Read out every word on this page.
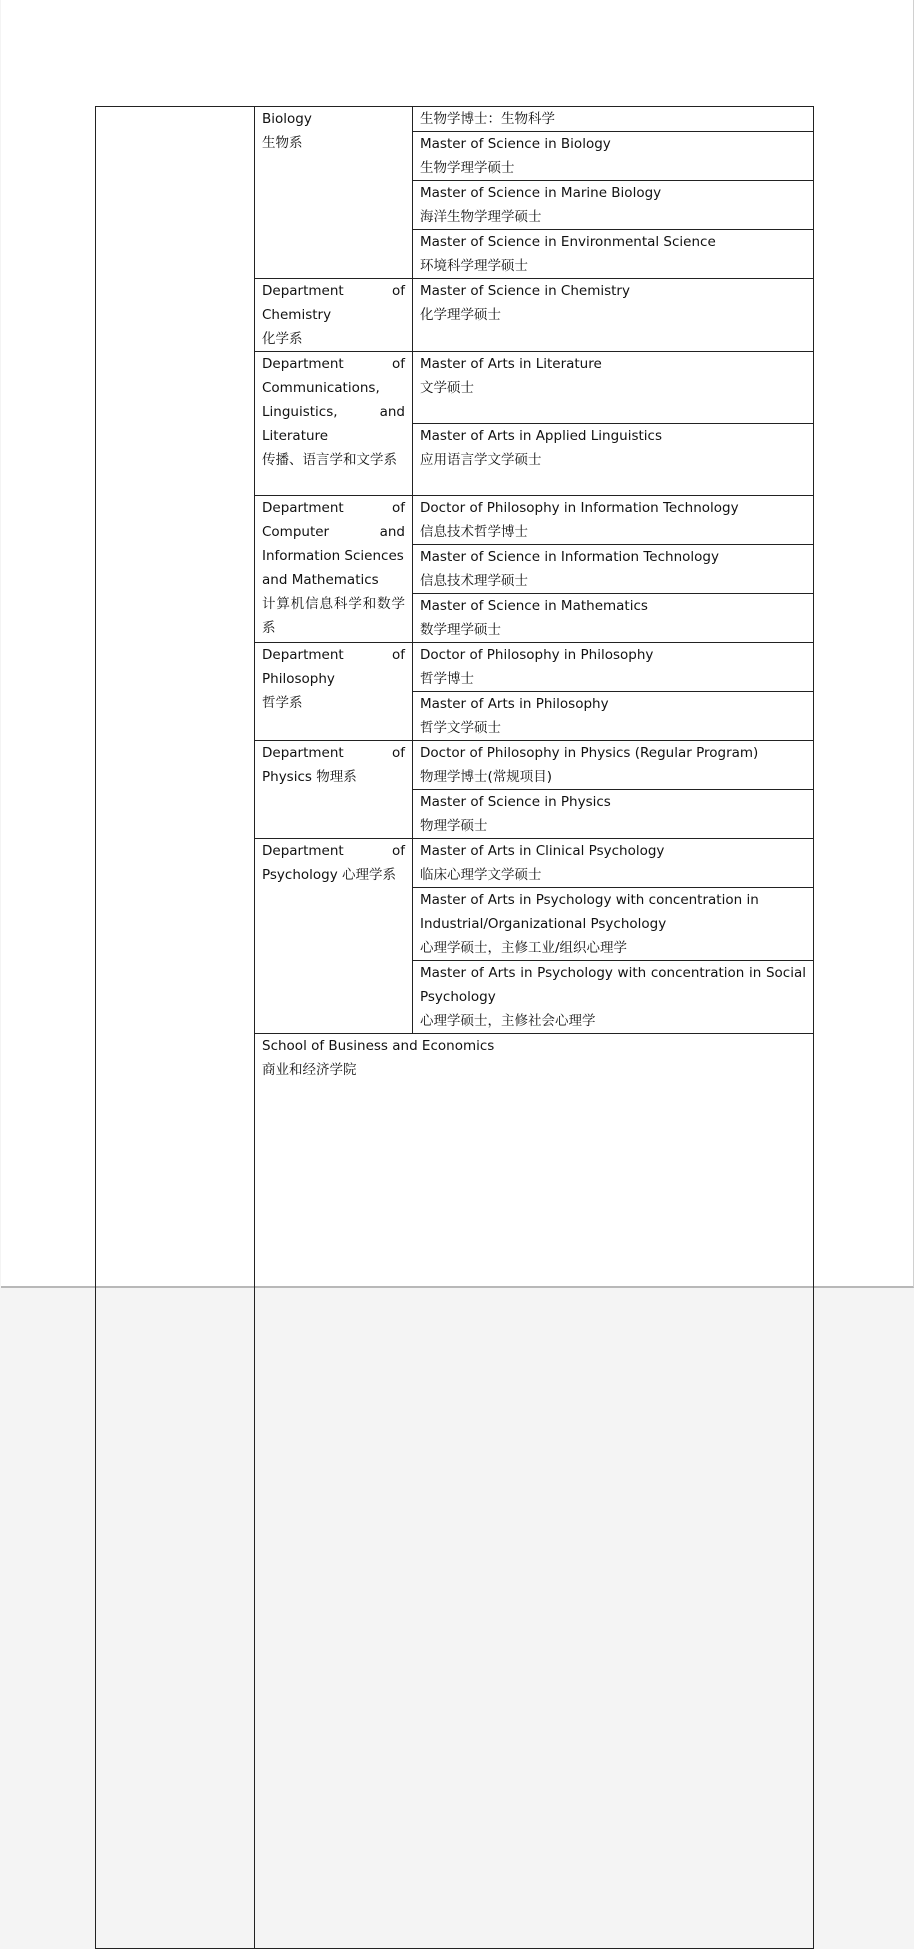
	Biology
生物系	生物学博士：生物科学	

		Master of Science in Biology
生物学理学硕士	

		Master of Science in Marine Biology
海洋生物学理学硕士	

		Master of Science in Environmental Science
环境科学理学硕士	

	Department of
Chemistry
化学系	Master of Science in Chemistry
化学理学硕士	

	Department of
Communications,
Linguistics, and
Literature
传播、语言学和文学系	Master of Arts in Literature
文学硕士	

		Master of Arts in Applied Linguistics
应用语言学文学硕士	

	Department of
Computer and
Information Sciences
and Mathematics
计算机信息科学和数学系	Doctor of Philosophy in Information Technology
信息技术哲学博士	

		Master of Science in Information Technology
信息技术理学硕士	

		Master of Science in Mathematics
数学理学硕士	

	Department of
Philosophy
哲学系	Doctor of Philosophy in Philosophy
哲学博士	

		Master of Arts in Philosophy
哲学文学硕士	

	Department of
Physics 物理系	Doctor of Philosophy in Physics (Regular Program)
物理学博士(常规项目)	

		Master of Science in Physics
物理学硕士	

	Department of
Psychology 心理学系	Master of Arts in Clinical Psychology
临床心理学文学硕士	

		Master of Arts in Psychology with concentration in Industrial/Organizational Psychology
心理学硕士，主修工业/组织心理学	

		Master of Arts in Psychology with concentration in Social Psychology
心理学硕士，主修社会心理学	

	School of Business and Economics
商业和经济学院
